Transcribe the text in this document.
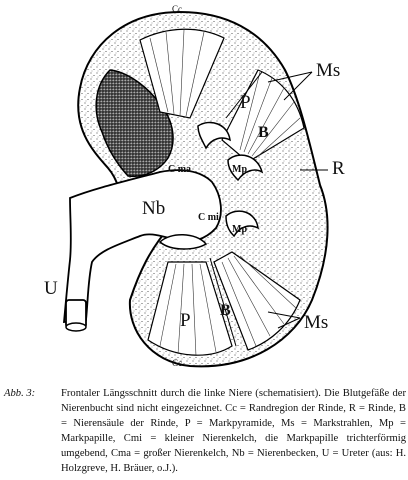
Cc
Ms
P
B
R
C ma	Mp
Nb	C mi
Mp
U
B
P	Ms
Cc
Abb. 3: Frontaler Längsschnitt durch die linke Niere (schematisiert). Die Blutgefäße der Nierenbucht sind nicht eingezeichnet. Cc = Randregion der Rinde, R = Rinde, B = Nierensäule der Rinde, P = Markpyramide, Ms = Markstrahlen, Mp = Markpapille, Cmi = kleiner Nierenkelch, die Markpapille trichterförmig umgebend, Cma = großer Nierenkelch, Nb = Nierenbecken, U = Ureter (aus: H. Holzgreve, H. Bräuer, o.J.).
